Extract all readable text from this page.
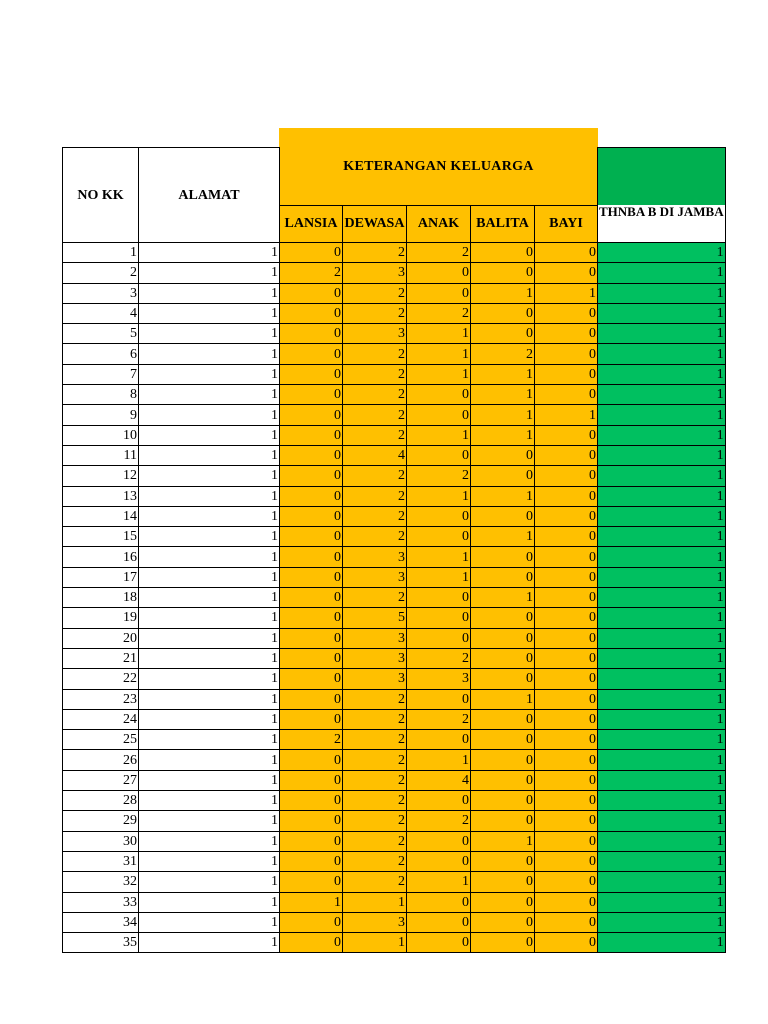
NO KK	ALAMAT						
		LANSIA	DEWASA	ANAK	BALITA	BAYI	THNBA B DI JAMBA

1	1	0	2	2	0	0	1
2	1	2	3	0	0	0	1
3	1	0	2	0	1	1	1
4	1	0	2	2	0	0	1
5	1	0	3	1	0	0	1
6	1	0	2	1	2	0	1
7	1	0	2	1	1	0	1
8	1	0	2	0	1	0	1
9	1	0	2	0	1	1	1
10	1	0	2	1	1	0	1
11	1	0	4	0	0	0	1
12	1	0	2	2	0	0	1
13	1	0	2	1	1	0	1
14	1	0	2	0	0	0	1
15	1	0	2	0	1	0	1
16	1	0	3	1	0	0	1
17	1	0	3	1	0	0	1
18	1	0	2	0	1	0	1
19	1	0	5	0	0	0	1
20	1	0	3	0	0	0	1
21	1	0	3	2	0	0	1
22	1	0	3	3	0	0	1
23	1	0	2	0	1	0	1
24	1	0	2	2	0	0	1
25	1	2	2	0	0	0	1
26	1	0	2	1	0	0	1
27	1	0	2	4	0	0	1
28	1	0	2	0	0	0	1
29	1	0	2	2	0	0	1
30	1	0	2	0	1	0	1
31	1	0	2	0	0	0	1
32	1	0	2	1	0	0	1
33	1	1	1	0	0	0	1
34	1	0	3	0	0	0	1
35	1	0	1	0	0	0	1
KETERANGAN KELUARGA
